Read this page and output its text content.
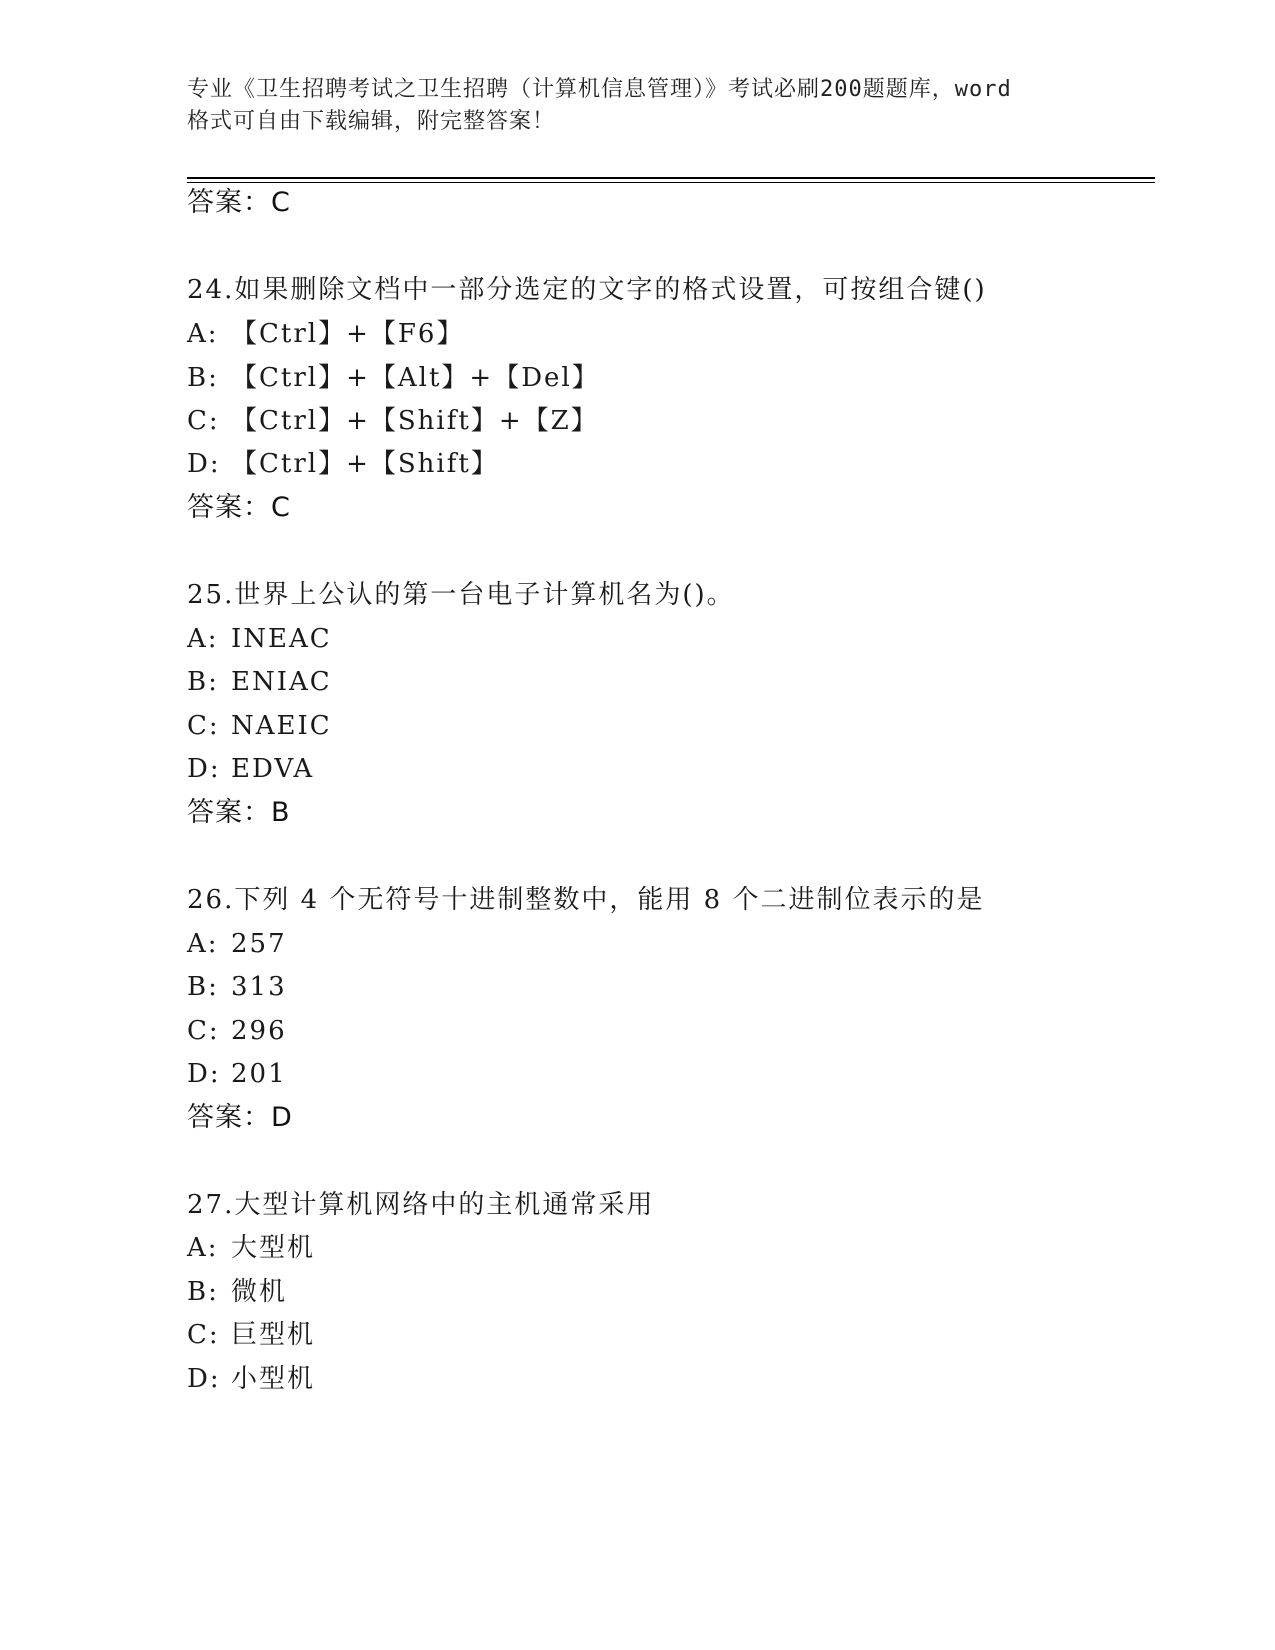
专业《卫生招聘考试之卫生招聘（计算机信息管理）》考试必刷200题题库，word
格式可自由下载编辑，附完整答案！
答案：C
24.如果删除文档中一部分选定的文字的格式设置，可按组合键()
A: 【Ctrl】+【F6】
B: 【Ctrl】+【Alt】+【Del】
C: 【Ctrl】+【Shift】+【Z】
D: 【Ctrl】+【Shift】
答案：C
25.世界上公认的第一台电子计算机名为()。
A: INEAC
B: ENIAC
C: NAEIC
D: EDVA
答案：B
26.下列 4 个无符号十进制整数中，能用 8 个二进制位表示的是
A: 257
B: 313
C: 296
D: 201
答案：D
27.大型计算机网络中的主机通常采用
A: 大型机
B: 微机
C: 巨型机
D: 小型机
